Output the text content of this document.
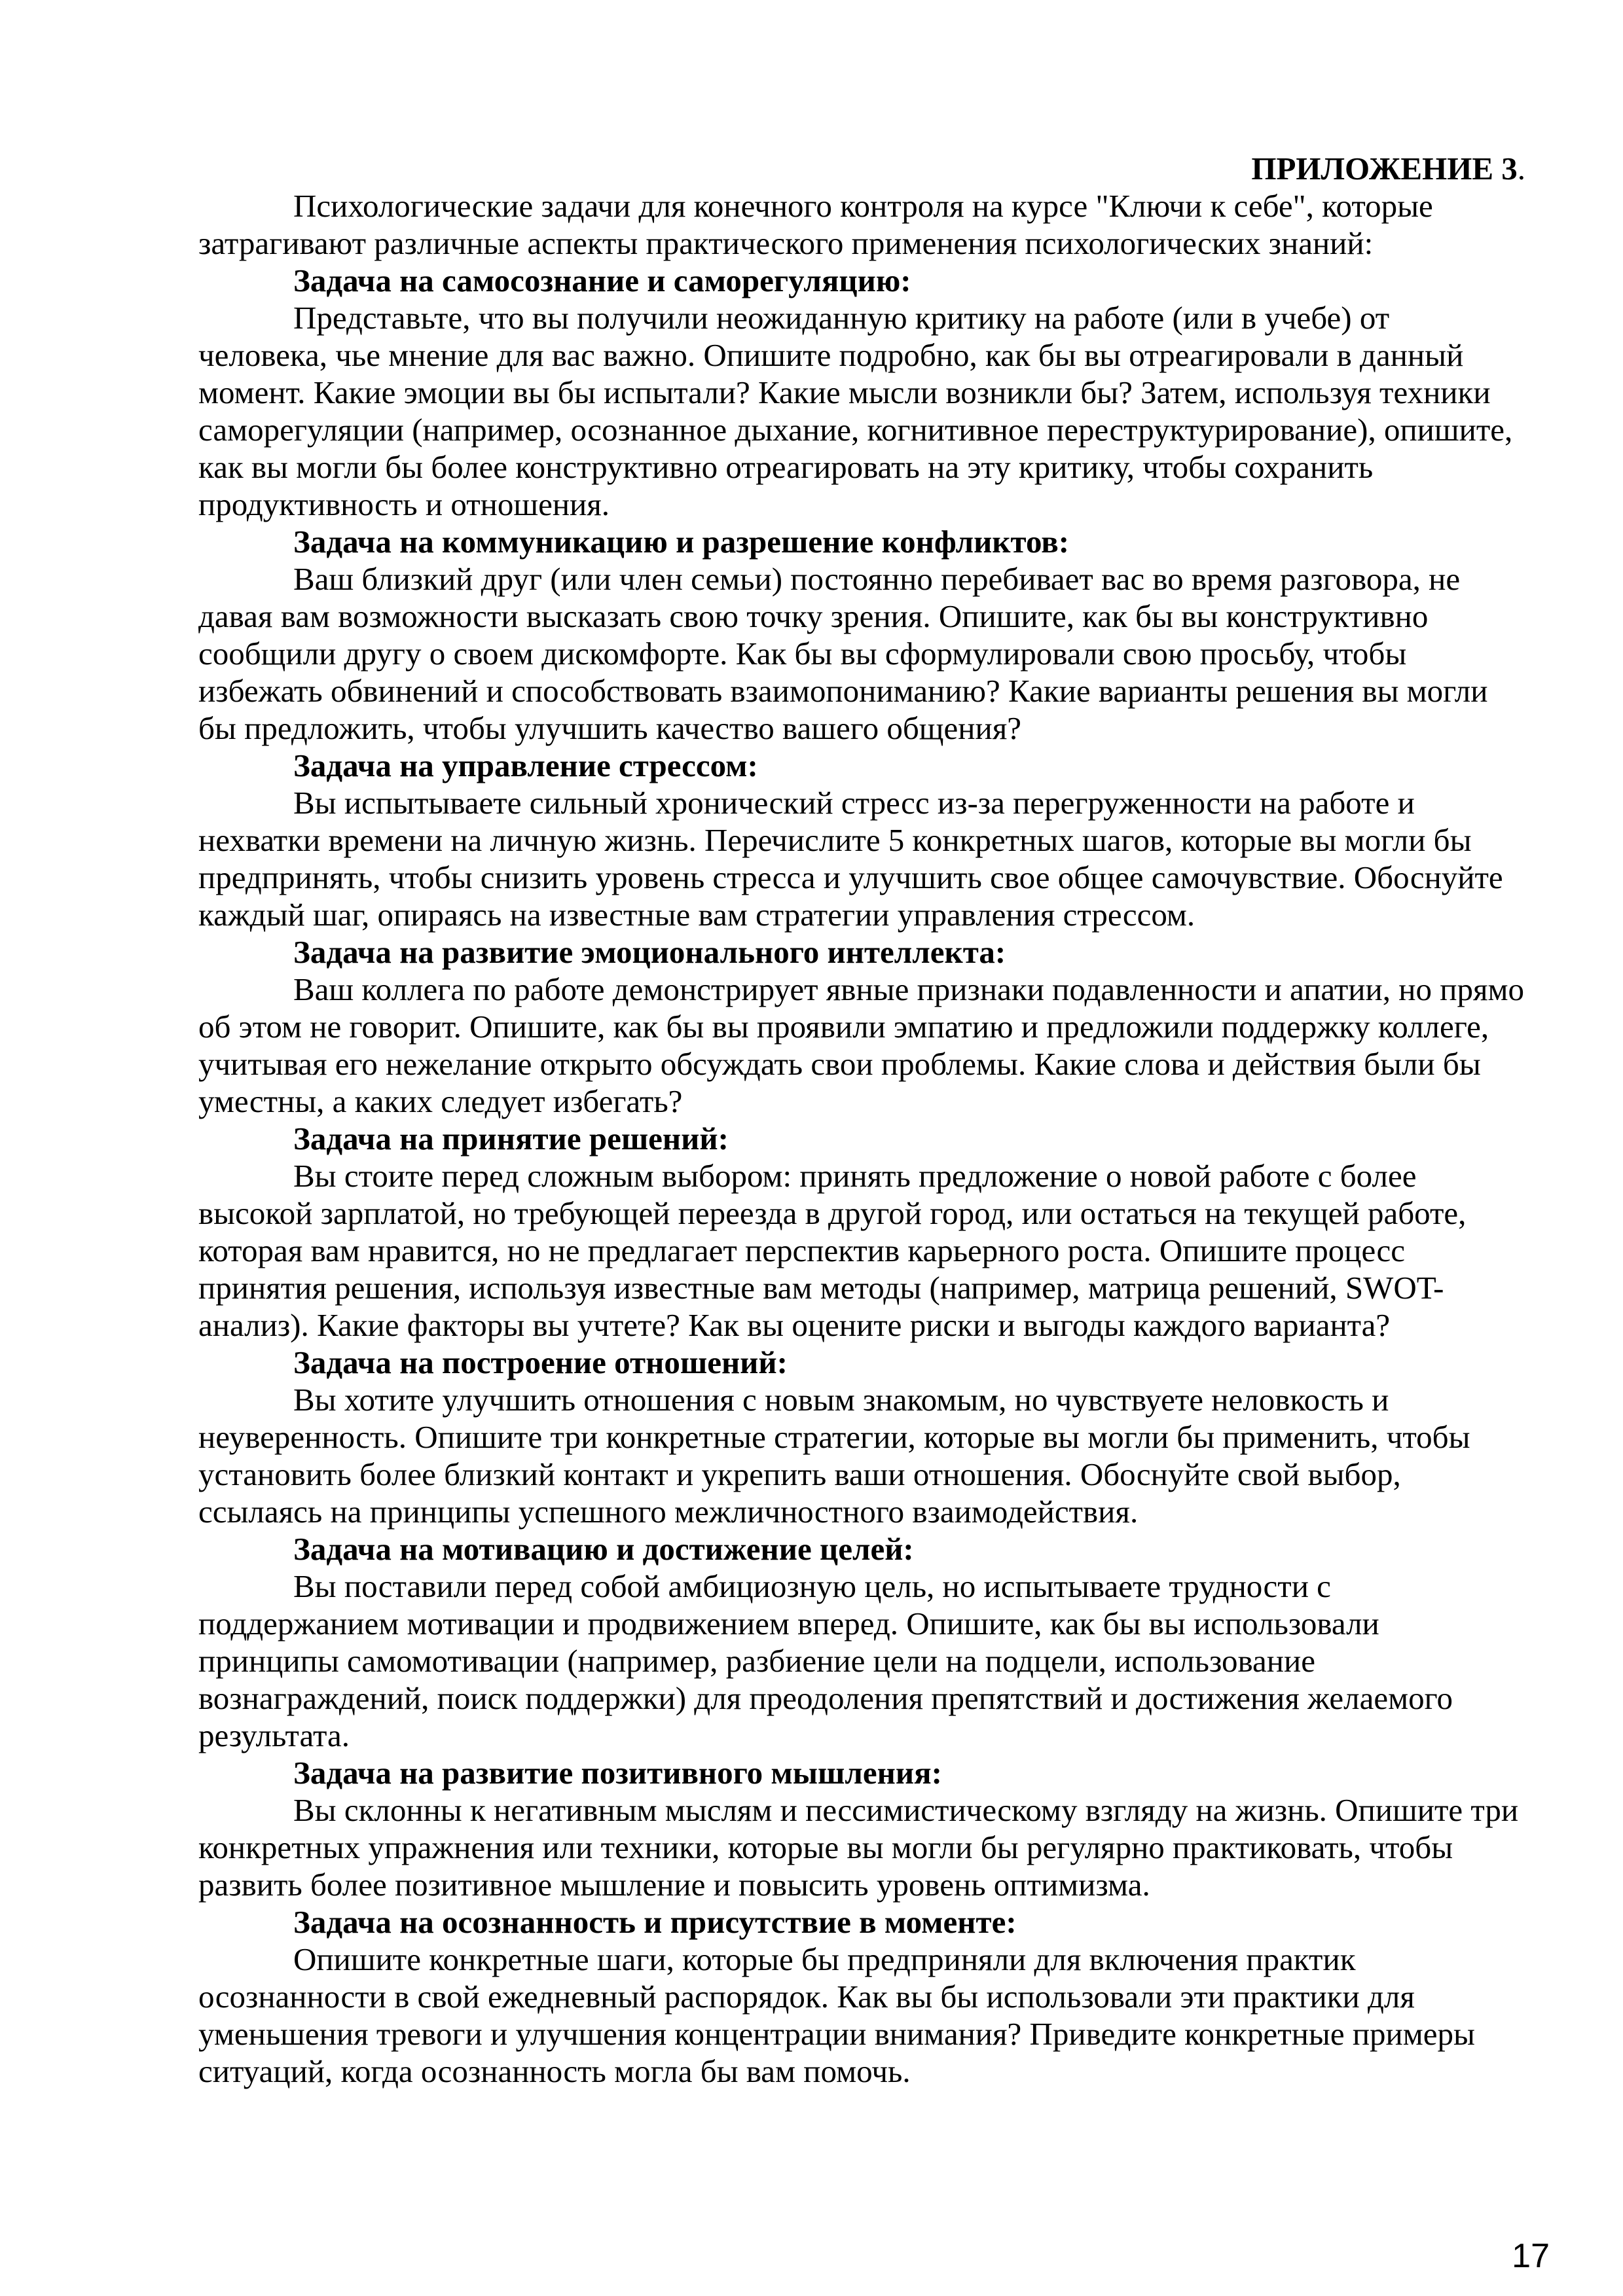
ПРИЛОЖЕНИЕ 3.

Психологические задачи для конечного контроля на курсе "Ключи к себе", которые затрагивают различные аспекты практического применения психологических знаний:

Задача на самосознание и саморегуляцию:

Представьте, что вы получили неожиданную критику на работе (или в учебе) от человека, чье мнение для вас важно. Опишите подробно, как бы вы отреагировали в данный момент. Какие эмоции вы бы испытали? Какие мысли возникли бы? Затем, используя техники саморегуляции (например, осознанное дыхание, когнитивное переструктурирование), опишите, как вы могли бы более конструктивно отреагировать на эту критику, чтобы сохранить продуктивность и отношения.

Задача на коммуникацию и разрешение конфликтов:

Ваш близкий друг (или член семьи) постоянно перебивает вас во время разговора, не давая вам возможности высказать свою точку зрения. Опишите, как бы вы конструктивно сообщили другу о своем дискомфорте. Как бы вы сформулировали свою просьбу, чтобы избежать обвинений и способствовать взаимопониманию? Какие варианты решения вы могли бы предложить, чтобы улучшить качество вашего общения?

Задача на управление стрессом:

Вы испытываете сильный хронический стресс из-за перегруженности на работе и нехватки времени на личную жизнь. Перечислите 5 конкретных шагов, которые вы могли бы предпринять, чтобы снизить уровень стресса и улучшить свое общее самочувствие. Обоснуйте каждый шаг, опираясь на известные вам стратегии управления стрессом.

Задача на развитие эмоционального интеллекта:

Ваш коллега по работе демонстрирует явные признаки подавленности и апатии, но прямо об этом не говорит. Опишите, как бы вы проявили эмпатию и предложили поддержку коллеге, учитывая его нежелание открыто обсуждать свои проблемы. Какие слова и действия были бы уместны, а каких следует избегать?

Задача на принятие решений:

Вы стоите перед сложным выбором: принять предложение о новой работе с более высокой зарплатой, но требующей переезда в другой город, или остаться на текущей работе, которая вам нравится, но не предлагает перспектив карьерного роста. Опишите процесс принятия решения, используя известные вам методы (например, матрица решений, SWOT-анализ). Какие факторы вы учтете? Как вы оцените риски и выгоды каждого варианта?

Задача на построение отношений:

Вы хотите улучшить отношения с новым знакомым, но чувствуете неловкость и неуверенность. Опишите три конкретные стратегии, которые вы могли бы применить, чтобы установить более близкий контакт и укрепить ваши отношения. Обоснуйте свой выбор, ссылаясь на принципы успешного межличностного взаимодействия.

Задача на мотивацию и достижение целей:

Вы поставили перед собой амбициозную цель, но испытываете трудности с поддержанием мотивации и продвижением вперед. Опишите, как бы вы использовали принципы самомотивации (например, разбиение цели на подцели, использование вознаграждений, поиск поддержки) для преодоления препятствий и достижения желаемого результата.

Задача на развитие позитивного мышления:

Вы склонны к негативным мыслям и пессимистическому взгляду на жизнь. Опишите три конкретных упражнения или техники, которые вы могли бы регулярно практиковать, чтобы развить более позитивное мышление и повысить уровень оптимизма.

Задача на осознанность и присутствие в моменте:

Опишите конкретные шаги, которые бы предприняли для включения практик осознанности в свой ежедневный распорядок. Как вы бы использовали эти практики для уменьшения тревоги и улучшения концентрации внимания? Приведите конкретные примеры ситуаций, когда осознанность могла бы вам помочь.

17
